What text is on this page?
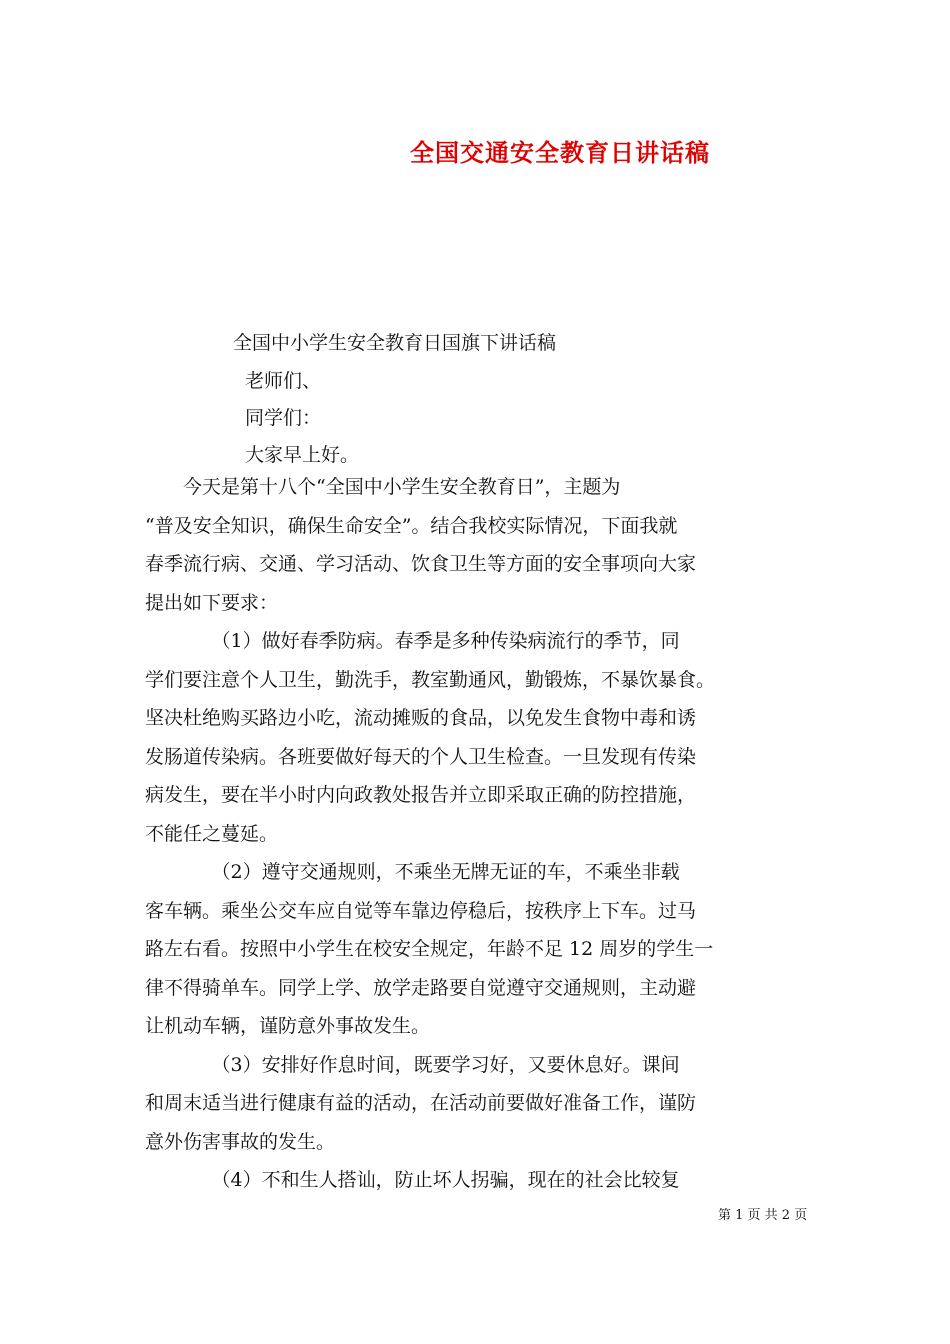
全国交通安全教育日讲话稿
全国中小学生安全教育日国旗下讲话稿
老师们、
同学们：
大家早上好。
　　今天是第十八个“全国中小学生安全教育日”，主题为
“普及安全知识，确保生命安全”。结合我校实际情况，下面我就
春季流行病、交通、学习活动、饮食卫生等方面的安全事项向大家
提出如下要求：
　　　　（1）做好春季防病。春季是多种传染病流行的季节，同
学们要注意个人卫生，勤洗手，教室勤通风，勤锻炼，不暴饮暴食。
坚决杜绝购买路边小吃，流动摊贩的食品，以免发生食物中毒和诱
发肠道传染病。各班要做好每天的个人卫生检查。一旦发现有传染
病发生，要在半小时内向政教处报告并立即采取正确的防控措施，
不能任之蔓延。
　　　　（2）遵守交通规则，不乘坐无牌无证的车，不乘坐非载
客车辆。乘坐公交车应自觉等车靠边停稳后，按秩序上下车。过马
路左右看。按照中小学生在校安全规定，年龄不足 12 周岁的学生一
律不得骑单车。同学上学、放学走路要自觉遵守交通规则，主动避
让机动车辆，谨防意外事故发生。
　　　　（3）安排好作息时间，既要学习好，又要休息好。课间
和周末适当进行健康有益的活动，在活动前要做好准备工作，谨防
意外伤害事故的发生。
　　　　（4）不和生人搭讪，防止坏人拐骗，现在的社会比较复
第 1 页 共 2 页
